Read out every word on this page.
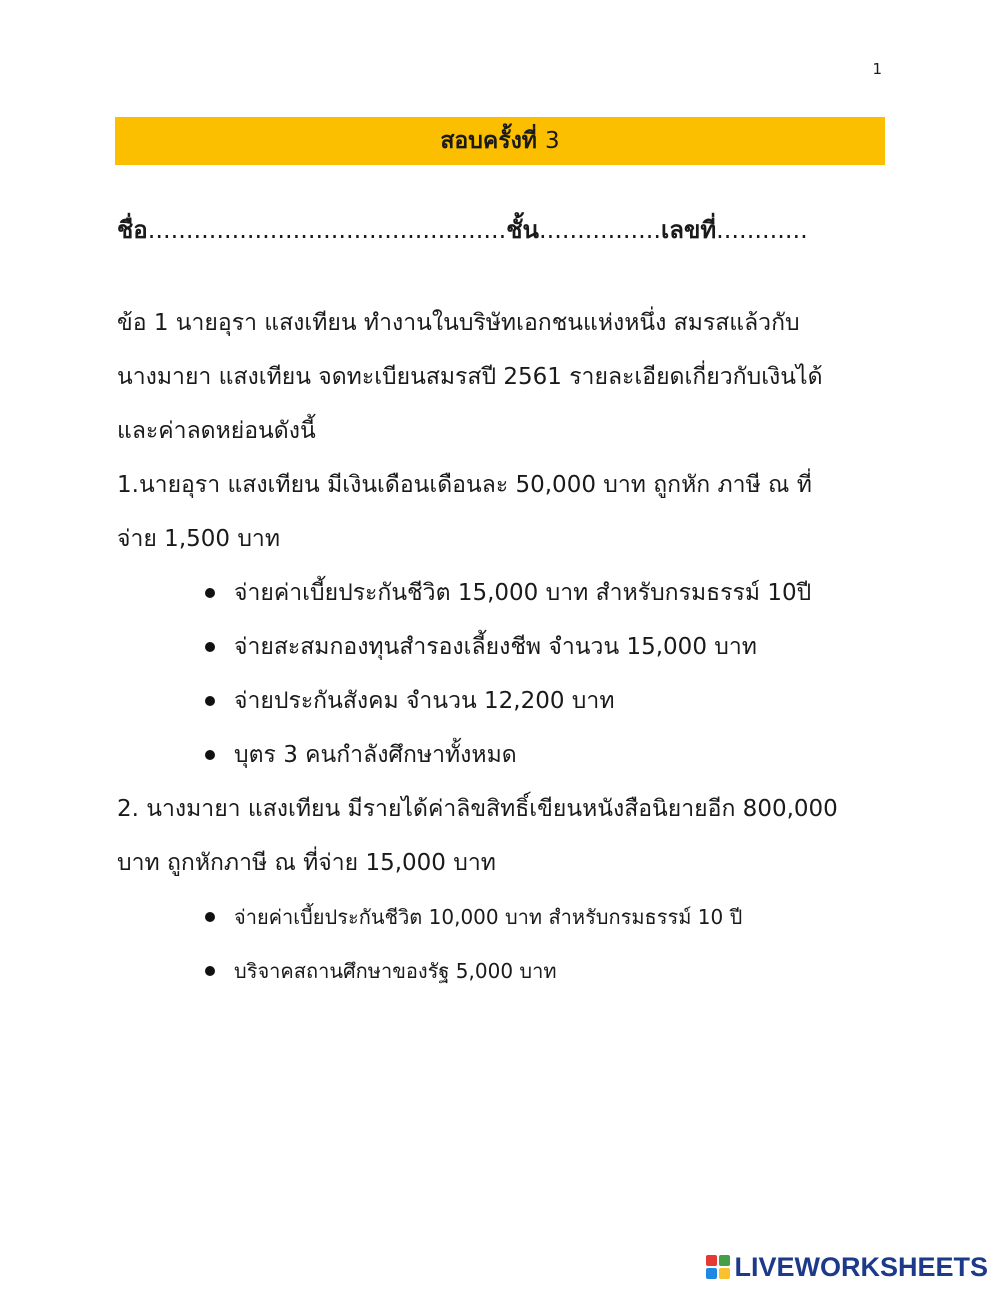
1
สอบครั้งที่ 3
ชื่อ...............................................ชั้น................เลขที่............
ข้อ 1 นายอุรา แสงเทียน ทำงานในบริษัทเอกชนแห่งหนึ่ง สมรสแล้วกับ
นางมายา แสงเทียน จดทะเบียนสมรสปี 2561 รายละเอียดเกี่ยวกับเงินได้
และค่าลดหย่อนดังนี้
1.นายอุรา แสงเทียน มีเงินเดือนเดือนละ 50,000 บาท ถูกหัก ภาษี ณ ที่
จ่าย 1,500 บาท
จ่ายค่าเบี้ยประกันชีวิต 15,000 บาท สำหรับกรมธรรม์ 10ปี
จ่ายสะสมกองทุนสำรองเลี้ยงชีพ จำนวน 15,000 บาท
จ่ายประกันสังคม จำนวน 12,200 บาท
บุตร 3 คนกำลังศึกษาทั้งหมด
2. นางมายา แสงเทียน มีรายได้ค่าลิขสิทธิ์เขียนหนังสือนิยายอีก 800,000
บาท ถูกหักภาษี ณ ที่จ่าย 15,000 บาท
จ่ายค่าเบี้ยประกันชีวิต 10,000 บาท สำหรับกรมธรรม์ 10 ปี
บริจาคสถานศึกษาของรัฐ 5,000 บาท
LIVEWORKSHEETS
